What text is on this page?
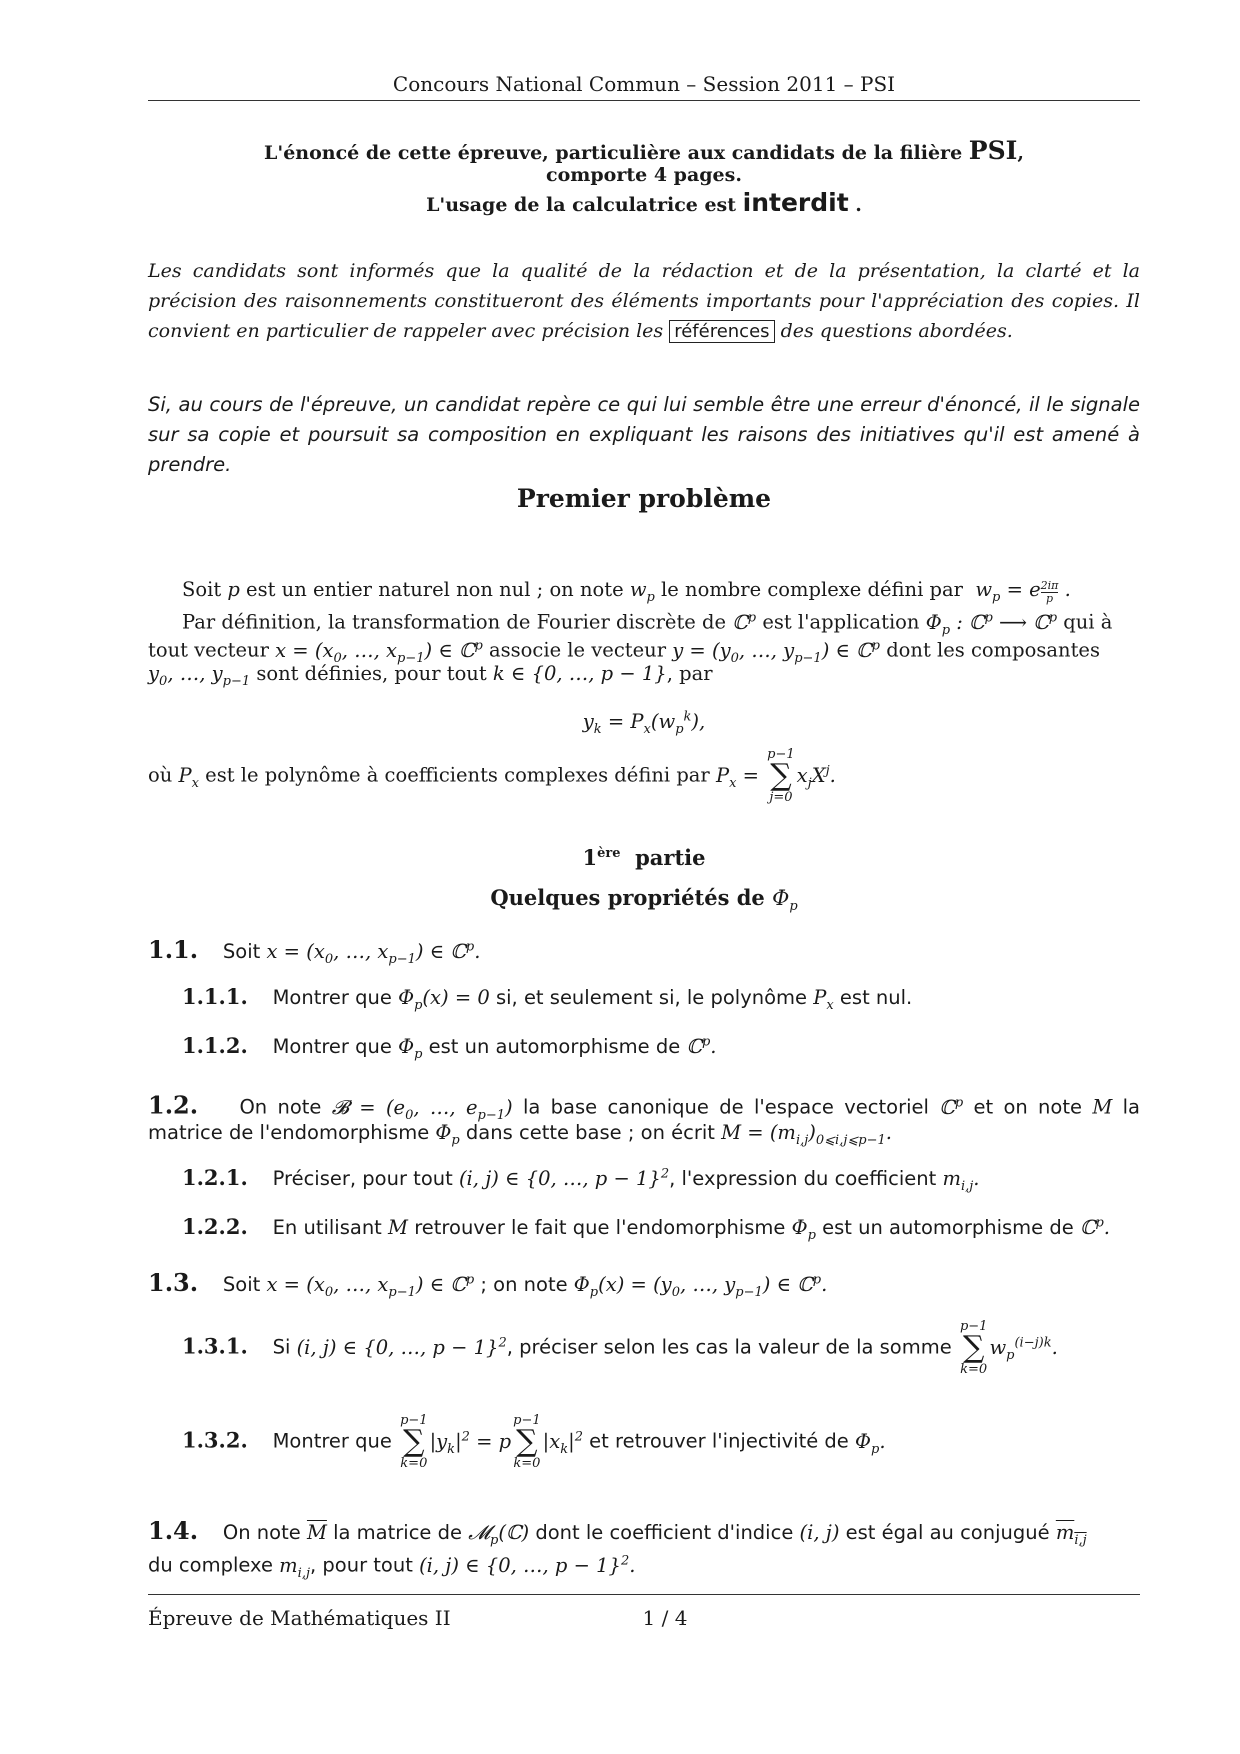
Concours National Commun – Session 2011 – PSI
L'énoncé de cette épreuve, particulière aux candidats de la filière PSI,
comporte 4 pages.
L'usage de la calculatrice est interdit .
Les candidats sont informés que la qualité de la rédaction et de la présentation, la clarté et la précision des raisonnements constitueront des éléments importants pour l'appréciation des copies. Il convient en particulier de rappeler avec précision les références des questions abordées.
Si, au cours de l'épreuve, un candidat repère ce qui lui semble être une erreur d'énoncé, il le signale sur sa copie et poursuit sa composition en expliquant les raisons des initiatives qu'il est amené à prendre.
Premier problème
Soit p est un entier naturel non nul ; on note $w_p$ le nombre complexe défini par  $w_p = e \frac{2i\pi}{p}$ .
Par définition, la transformation de Fourier discrète de ℂ$^p$ est l'application $\Phi_p$ : ℂ$^p$ ⟶ ℂ$^p$ qui à
tout vecteur $x = (x_0$, …, $x_{p-1}$) ∈ ℂ$^p$ associe le vecteur $y = (y_0$, …, $y_{p-1}$) ∈ ℂ$^p$ dont les composantes
$y_0$, …, $y_{p-1}$ sont définies, pour tout k ∈ {0, …, p − 1}, par
$y_k = P_x(w_p^k)$,
où $P_x$ est le polynôme à coefficients complexes défini par $P_x$ =
p−1
∑
j=0
$x_jX^j$.
1ère partie
Quelques propriétés de $\Phi_p$
1.1. Soit $x = (x_0$, …, $x_{p-1}$) ∈ ℂ$^p$.
1.1.1. Montrer que $\Phi_p(x) = 0$ si, et seulement si, le polynôme $P_x$ est nul.
1.1.2. Montrer que $\Phi_p$ est un automorphisme de ℂ$^p$.
1.2. On note 𝓑 = ($e_0$, …, $e_{p-1}$) la base canonique de l'espace vectoriel ℂ$^p$ et on note M la
matrice de l'endomorphisme $\Phi_p$ dans cette base ; on écrit $M = (m_{i,j})_{0⩽i,j⩽p-1}$.
1.2.1. Préciser, pour tout (i, j) ∈ {0, …, p − 1}$^2$, l'expression du coefficient $m_{i,j}$.
1.2.2. En utilisant M retrouver le fait que l'endomorphisme $\Phi_p$ est un automorphisme de ℂ$^p$.
1.3. Soit $x = (x_0$, …, $x_{p-1}$) ∈ ℂ$^p$ ; on note $\Phi_p(x) = (y_0$, …, $y_{p-1}$) ∈ ℂ$^p$.
1.3.1. Si (i, j) ∈ {0, …, p − 1}$^2$, préciser selon les cas la valeur de la somme
p−1
∑
k=0
$w_p^{(i-j)k}$.
1.3.2. Montrer que
p−1
∑
k=0
$|y_k|^2 = p$
p−1
∑
k=0
$|x_k|^2$ et retrouver l'injectivité de $\Phi_p$.
1.4. On note $\overline{M}$ la matrice de 𝓜$_p$(ℂ) dont le coefficient d'indice (i, j) est égal au conjugué $m_{i,j}$
du complexe $m_{i,j}$, pour tout (i, j) ∈ {0, …, p − 1}$^2$.
Épreuve de Mathématiques II	1 / 4
